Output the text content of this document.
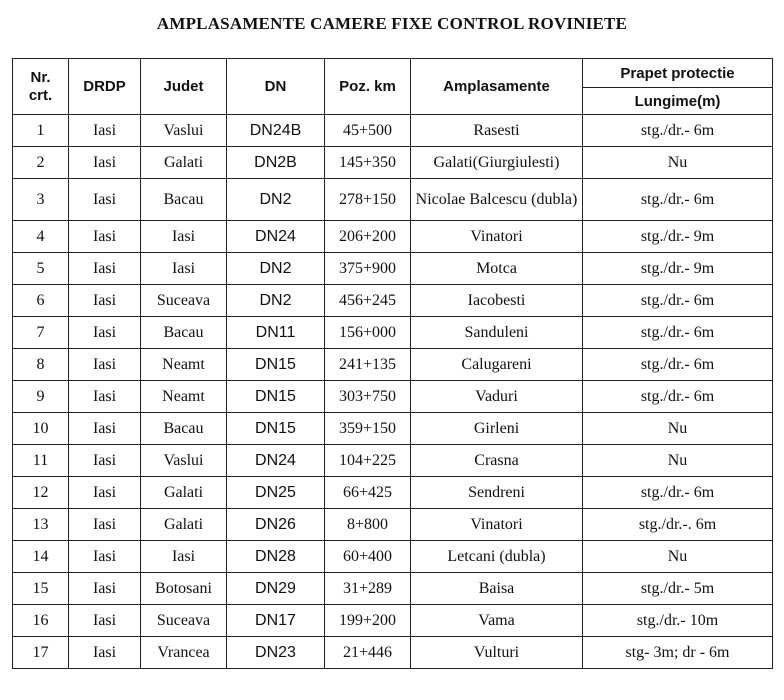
AMPLASAMENTE CAMERE FIXE CONTROL ROVINIETE
Nr.
crt.	DRDP	Judet	DN	Poz. km	Amplasamente	Prapet protectie
						Lungime(m)
1	Iasi	Vaslui	DN24B	45+500	Rasesti	stg./dr.- 6m
2	Iasi	Galati	DN2B	145+350	Galati(Giurgiulesti)	Nu
3	Iasi	Bacau	DN2	278+150	Nicolae Balcescu (dubla)	stg./dr.- 6m
4	Iasi	Iasi	DN24	206+200	Vinatori	stg./dr.- 9m
5	Iasi	Iasi	DN2	375+900	Motca	stg./dr.- 9m
6	Iasi	Suceava	DN2	456+245	Iacobesti	stg./dr.- 6m
7	Iasi	Bacau	DN11	156+000	Sanduleni	stg./dr.- 6m
8	Iasi	Neamt	DN15	241+135	Calugareni	stg./dr.- 6m
9	Iasi	Neamt	DN15	303+750	Vaduri	stg./dr.- 6m
10	Iasi	Bacau	DN15	359+150	Girleni	Nu
11	Iasi	Vaslui	DN24	104+225	Crasna	Nu
12	Iasi	Galati	DN25	66+425	Sendreni	stg./dr.- 6m
13	Iasi	Galati	DN26	8+800	Vinatori	stg./dr.-. 6m
14	Iasi	Iasi	DN28	60+400	Letcani (dubla)	Nu
15	Iasi	Botosani	DN29	31+289	Baisa	stg./dr.- 5m
16	Iasi	Suceava	DN17	199+200	Vama	stg./dr.- 10m
17	Iasi	Vrancea	DN23	21+446	Vulturi	stg- 3m; dr - 6m
